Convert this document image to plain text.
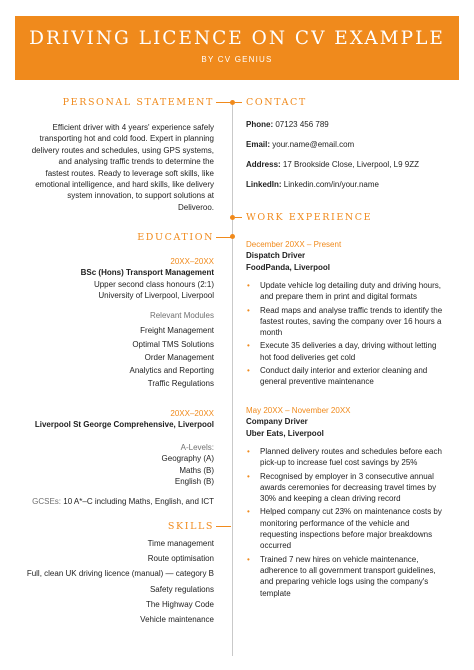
DRIVING LICENCE ON CV EXAMPLE
BY CV GENIUS
PERSONAL STATEMENT
Efficient driver with 4 years' experience safely
transporting hot and cold food. Expert in planning
delivery routes and schedules, using GPS systems,
and analysing traffic trends to determine the
fastest routes. Ready to leverage soft skills, like
emotional intelligence, and hard skills, like delivery
system innovation, to support solutions at
Deliveroo.
CONTACT
Phone: 07123 456 789
Email: your.name@email.com
Address: 17 Brookside Close, Liverpool, L9 9ZZ
LinkedIn: Linkedin.com/in/your.name
WORK EXPERIENCE
December 20XX – Present
Dispatch Driver
FoodPanda, Liverpool
• Update vehicle log detailing duty and driving hours,
and prepare them in print and digital formats
• Read maps and analyse traffic trends to identify the
fastest routes, saving the company over 16 hours a
month
• Execute 35 deliveries a day, driving without letting
hot food deliveries get cold
• Conduct daily interior and exterior cleaning and
general preventive maintenance
May 20XX – November 20XX
Company Driver
Uber Eats, Liverpool
• Planned delivery routes and schedules before each
pick-up to increase fuel cost savings by 25%
• Recognised by employer in 3 consecutive annual
awards ceremonies for decreasing travel times by
30% and keeping a clean driving record
• Helped company cut 23% on maintenance costs by
monitoring performance of the vehicle and
requesting inspections before major breakdowns
occurred
• Trained 7 new hires on vehicle maintenance,
adherence to all government transport guidelines,
and preparing vehicle logs using the company's
template
EDUCATION
20XX–20XX
BSc (Hons) Transport Management
Upper second class honours (2:1)
University of Liverpool, Liverpool
Relevant Modules
Freight Management
Optimal TMS Solutions
Order Management
Analytics and Reporting
Traffic Regulations
20XX–20XX
Liverpool St George Comprehensive, Liverpool
A-Levels:
Geography (A)
Maths (B)
English (B)
GCSEs: 10 A*–C including Maths, English, and ICT
SKILLS
Time management
Route optimisation
Full, clean UK driving licence (manual) — category B
Safety regulations
The Highway Code
Vehicle maintenance
